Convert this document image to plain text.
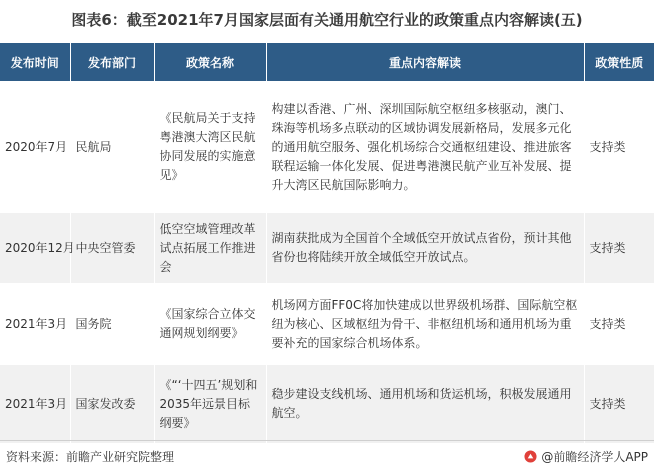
图表6：截至2021年7月国家层面有关通用航空行业的政策重点内容解读(五)
发布时间	发布部门	政策名称	重点内容解读	政策性质
2020年7月	民航局	《民航局关于支持粤港澳大湾区民航协同发展的实施意见》	构建以香港、广州、深圳国际航空枢纽多核驱动，澳门、珠海等机场多点联动的区域协调发展新格局，发展多元化的通用航空服务、强化机场综合交通枢纽建设、推进旅客联程运输一体化发展、促进粤港澳民航产业互补发展、提升大湾区民航国际影响力。	支持类
2020年12月	中央空管委	低空空域管理改革试点拓展工作推进会	湖南获批成为全国首个全域低空开放试点省份，预计其他省份也将陆续开放全域低空开放试点。	支持类
2021年3月	国务院	《国家综合立体交通网规划纲要》	机场网方面FF0C将加快建成以世界级机场群、国际航空枢纽为核心、区域枢纽为骨干、非枢纽机场和通用机场为重要补充的国家综合机场体系。	支持类
2021年3月	国家发改委	《“‘十四五’规划和2035年远景目标纲要》	稳步建设支线机场、通用机场和货运机场，积极发展通用航空。	支持类
资料来源：前瞻产业研究院整理	@前瞻经济学人APP
